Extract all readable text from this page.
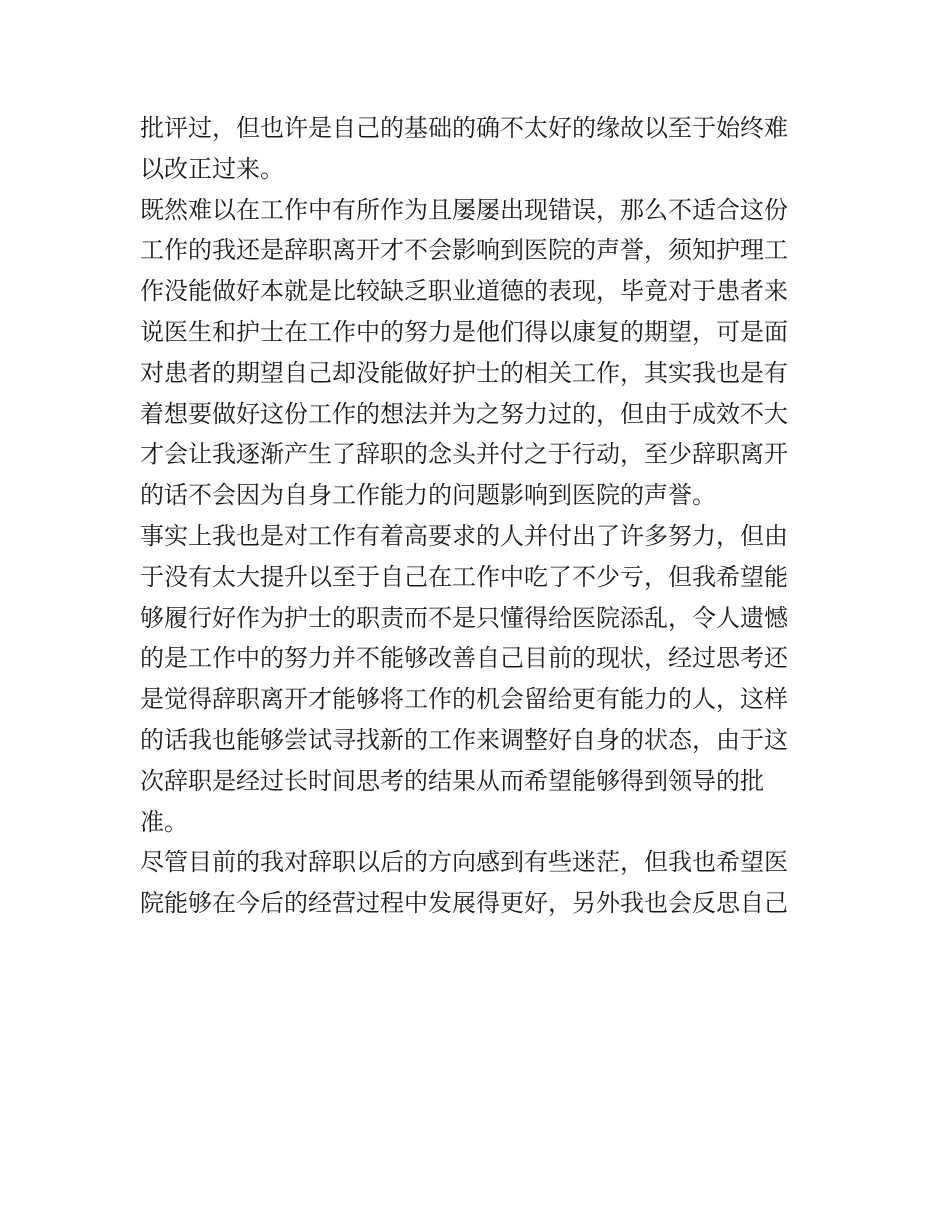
批评过，但也许是自己的基础的确不太好的缘故以至于始终难
以改正过来。
既然难以在工作中有所作为且屡屡出现错误，那么不适合这份
工作的我还是辞职离开才不会影响到医院的声誉，须知护理工
作没能做好本就是比较缺乏职业道德的表现，毕竟对于患者来
说医生和护士在工作中的努力是他们得以康复的期望，可是面
对患者的期望自己却没能做好护士的相关工作，其实我也是有
着想要做好这份工作的想法并为之努力过的，但由于成效不大
才会让我逐渐产生了辞职的念头并付之于行动，至少辞职离开
的话不会因为自身工作能力的问题影响到医院的声誉。
事实上我也是对工作有着高要求的人并付出了许多努力，但由
于没有太大提升以至于自己在工作中吃了不少亏，但我希望能
够履行好作为护士的职责而不是只懂得给医院添乱，令人遗憾
的是工作中的努力并不能够改善自己目前的现状，经过思考还
是觉得辞职离开才能够将工作的机会留给更有能力的人，这样
的话我也能够尝试寻找新的工作来调整好自身的状态，由于这
次辞职是经过长时间思考的结果从而希望能够得到领导的批
准。
尽管目前的我对辞职以后的方向感到有些迷茫，但我也希望医
院能够在今后的经营过程中发展得更好，另外我也会反思自己
